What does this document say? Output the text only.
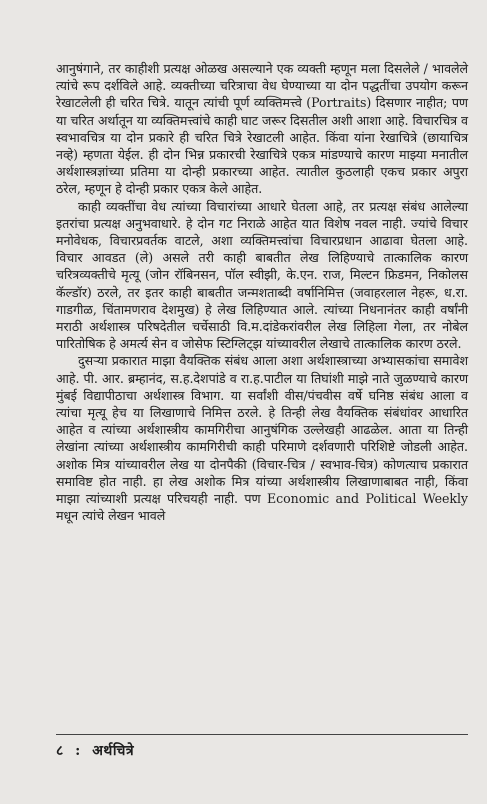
आनुषंगाने, तर काहीशी प्रत्यक्ष ओळख असल्याने एक व्यक्ती म्हणून मला दिसलेले / भावलेले त्यांचे रूप दर्शविले आहे. व्यक्तीच्या चरित्राचा वेध घेण्याच्या या दोन पद्धतींचा उपयोग करून रेखाटलेली ही चरित चित्रे. यातून त्यांची पूर्ण व्यक्तिमत्त्वे (Portraits) दिसणार नाहीत; पण या चरित अर्थातून या व्यक्तिमत्त्वांचे काही घाट जरूर दिसतील अशी आशा आहे. विचारचित्र व स्वभावचित्र या दोन प्रकारे ही चरित चित्रे रेखाटली आहेत. किंवा यांना रेखाचित्रे (छायाचित्र नव्हे) म्हणता येईल. ही दोन भिन्न प्रकारची रेखाचित्रे एकत्र मांडण्याचे कारण माझ्या मनातील अर्थशास्त्रज्ञांच्या प्रतिमा या दोन्ही प्रकारच्या आहेत. त्यातील कुठलाही एकच प्रकार अपुरा ठरेल, म्हणून हे दोन्ही प्रकार एकत्र केले आहेत.

काही व्यक्तींचा वेध त्यांच्या विचारांच्या आधारे घेतला आहे, तर प्रत्यक्ष संबंध आलेल्या इतरांचा प्रत्यक्ष अनुभवाधारे. हे दोन गट निराळे आहेत यात विशेष नवल नाही. ज्यांचे विचार मनोवेधक, विचारप्रवर्तक वाटले, अशा व्यक्तिमत्त्वांचा विचारप्रधान आढावा घेतला आहे. विचार आवडत (ले) असले तरी काही बाबतीत लेख लिहिण्याचे तात्कालिक कारण चरित्रव्यक्तीचे मृत्यू (जोन रॉबिनसन, पॉल स्वीझी, के.एन. राज, मिल्टन फ्रिडमन, निकोलस कॅल्डॉर) ठरले, तर इतर काही बाबतीत जन्मशताब्दी वर्षानिमित्त (जवाहरलाल नेहरू, ध.रा. गाडगीळ, चिंतामणराव देशमुख) हे लेख लिहिण्यात आले. त्यांच्या निधनानंतर काही वर्षांनी मराठी अर्थशास्त्र परिषदेतील चर्चेसाठी वि.म.दांडेकरांवरील लेख लिहिला गेला, तर नोबेल पारितोषिक हे अमर्त्य सेन व जोसेफ स्टिग्लिट्झ यांच्यावरील लेखाचे तात्कालिक कारण ठरले.

दुसऱ्या प्रकारात माझा वैयक्तिक संबंध आला अशा अर्थशास्त्राच्या अभ्यासकांचा समावेश आहे. पी. आर. ब्रम्हानंद, स.ह.देशपांडे व रा.ह.पाटील या तिघांशी माझे नाते जुळण्याचे कारण मुंबई विद्यापीठाचा अर्थशास्त्र विभाग. या सर्वांशी वीस/पंचवीस वर्षे घनिष्ठ संबंध आला व त्यांचा मृत्यू हेच या लिखाणाचे निमित्त ठरले. हे तिन्ही लेख वैयक्तिक संबंधांवर आधारित आहेत व त्यांच्या अर्थशास्त्रीय कामगिरीचा आनुषंगिक उल्लेखही आढळेल. आता या तिन्ही लेखांना त्यांच्या अर्थशास्त्रीय कामगिरीची काही परिमाणे दर्शवणारी परिशिष्टे जोडली आहेत. अशोक मित्र यांच्यावरील लेख या दोनपैकी (विचार-चित्र / स्वभाव-चित्र) कोणत्याच प्रकारात समाविष्ट होत नाही. हा लेख अशोक मित्र यांच्या अर्थशास्त्रीय लिखाणाबाबत नाही, किंवा माझा त्यांच्याशी प्रत्यक्ष परिचयही नाही. पण Economic and Political Weekly मधून त्यांचे लेखन भावले

८ : अर्थचित्रे
